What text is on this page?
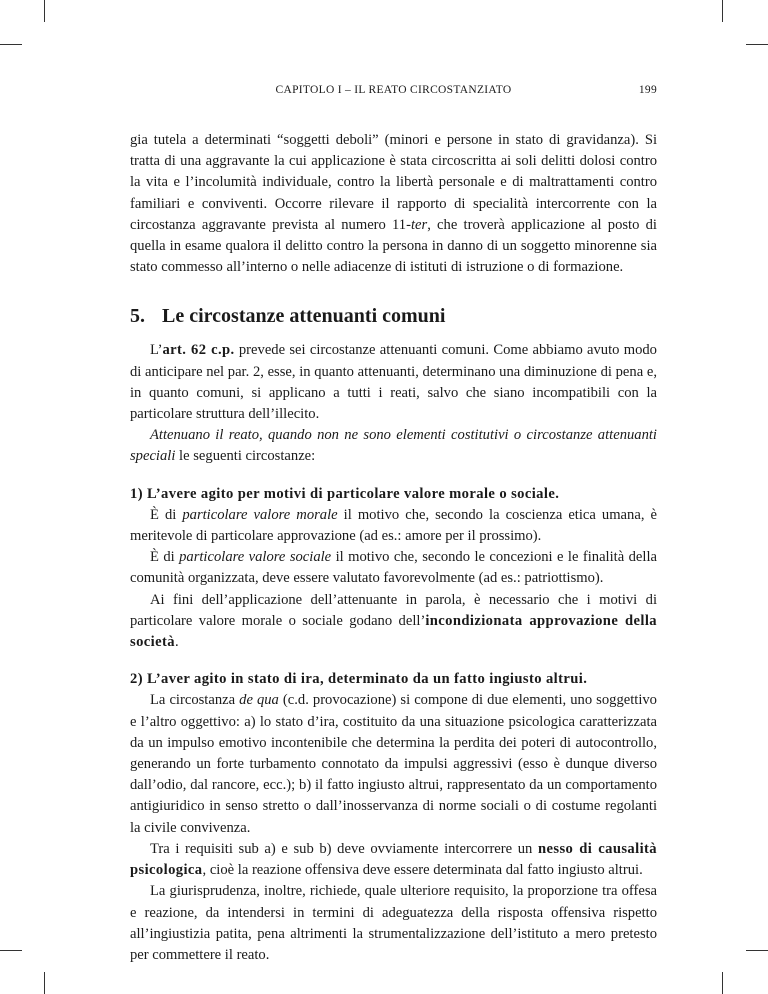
CAPITOLO I – IL REATO CIRCOSTANZIATO	199

gia tutela a determinati “soggetti deboli” (minori e persone in stato di gravidanza). Si tratta di una aggravante la cui applicazione è stata circoscritta ai soli delitti dolosi contro la vita e l’incolumità individuale, contro la libertà personale e di maltrattamenti contro familiari e conviventi. Occorre rilevare il rapporto di specialità intercorrente con la circostanza aggravante prevista al numero 11-ter, che troverà applicazione al posto di quella in esame qualora il delitto contro la persona in danno di un soggetto minorenne sia stato commesso all’interno o nelle adiacenze di istituti di istruzione o di formazione.

5. Le circostanze attenuanti comuni

L’art. 62 c.p. prevede sei circostanze attenuanti comuni. Come abbiamo avuto modo di anticipare nel par. 2, esse, in quanto attenuanti, determinano una diminuzione di pena e, in quanto comuni, si applicano a tutti i reati, salvo che siano incompatibili con la particolare struttura dell’illecito.

Attenuano il reato, quando non ne sono elementi costitutivi o circostanze attenuanti speciali le seguenti circostanze:

1) L’avere agito per motivi di particolare valore morale o sociale.

È di particolare valore morale il motivo che, secondo la coscienza etica umana, è meritevole di particolare approvazione (ad es.: amore per il prossimo).

È di particolare valore sociale il motivo che, secondo le concezioni e le finalità della comunità organizzata, deve essere valutato favorevolmente (ad es.: patriottismo).

Ai fini dell’applicazione dell’attenuante in parola, è necessario che i motivi di particolare valore morale o sociale godano dell’incondizionata approvazione della società.

2) L’aver agito in stato di ira, determinato da un fatto ingiusto altrui.

La circostanza de qua (c.d. provocazione) si compone di due elementi, uno soggettivo e l’altro oggettivo: a) lo stato d’ira, costituito da una situazione psicologica caratterizzata da un impulso emotivo incontenibile che determina la perdita dei poteri di autocontrollo, generando un forte turbamento connotato da impulsi aggressivi (esso è dunque diverso dall’odio, dal rancore, ecc.); b) il fatto ingiusto altrui, rappresentato da un comportamento antigiuridico in senso stretto o dall’inosservanza di norme sociali o di costume regolanti la civile convivenza.

Tra i requisiti sub a) e sub b) deve ovviamente intercorrere un nesso di causalità psicologica, cioè la reazione offensiva deve essere determinata dal fatto ingiusto altrui.

La giurisprudenza, inoltre, richiede, quale ulteriore requisito, la proporzione tra offesa e reazione, da intendersi in termini di adeguatezza della risposta offensiva rispetto all’ingiustizia patita, pena altrimenti la strumentalizzazione dell’istituto a mero pretesto per commettere il reato.
